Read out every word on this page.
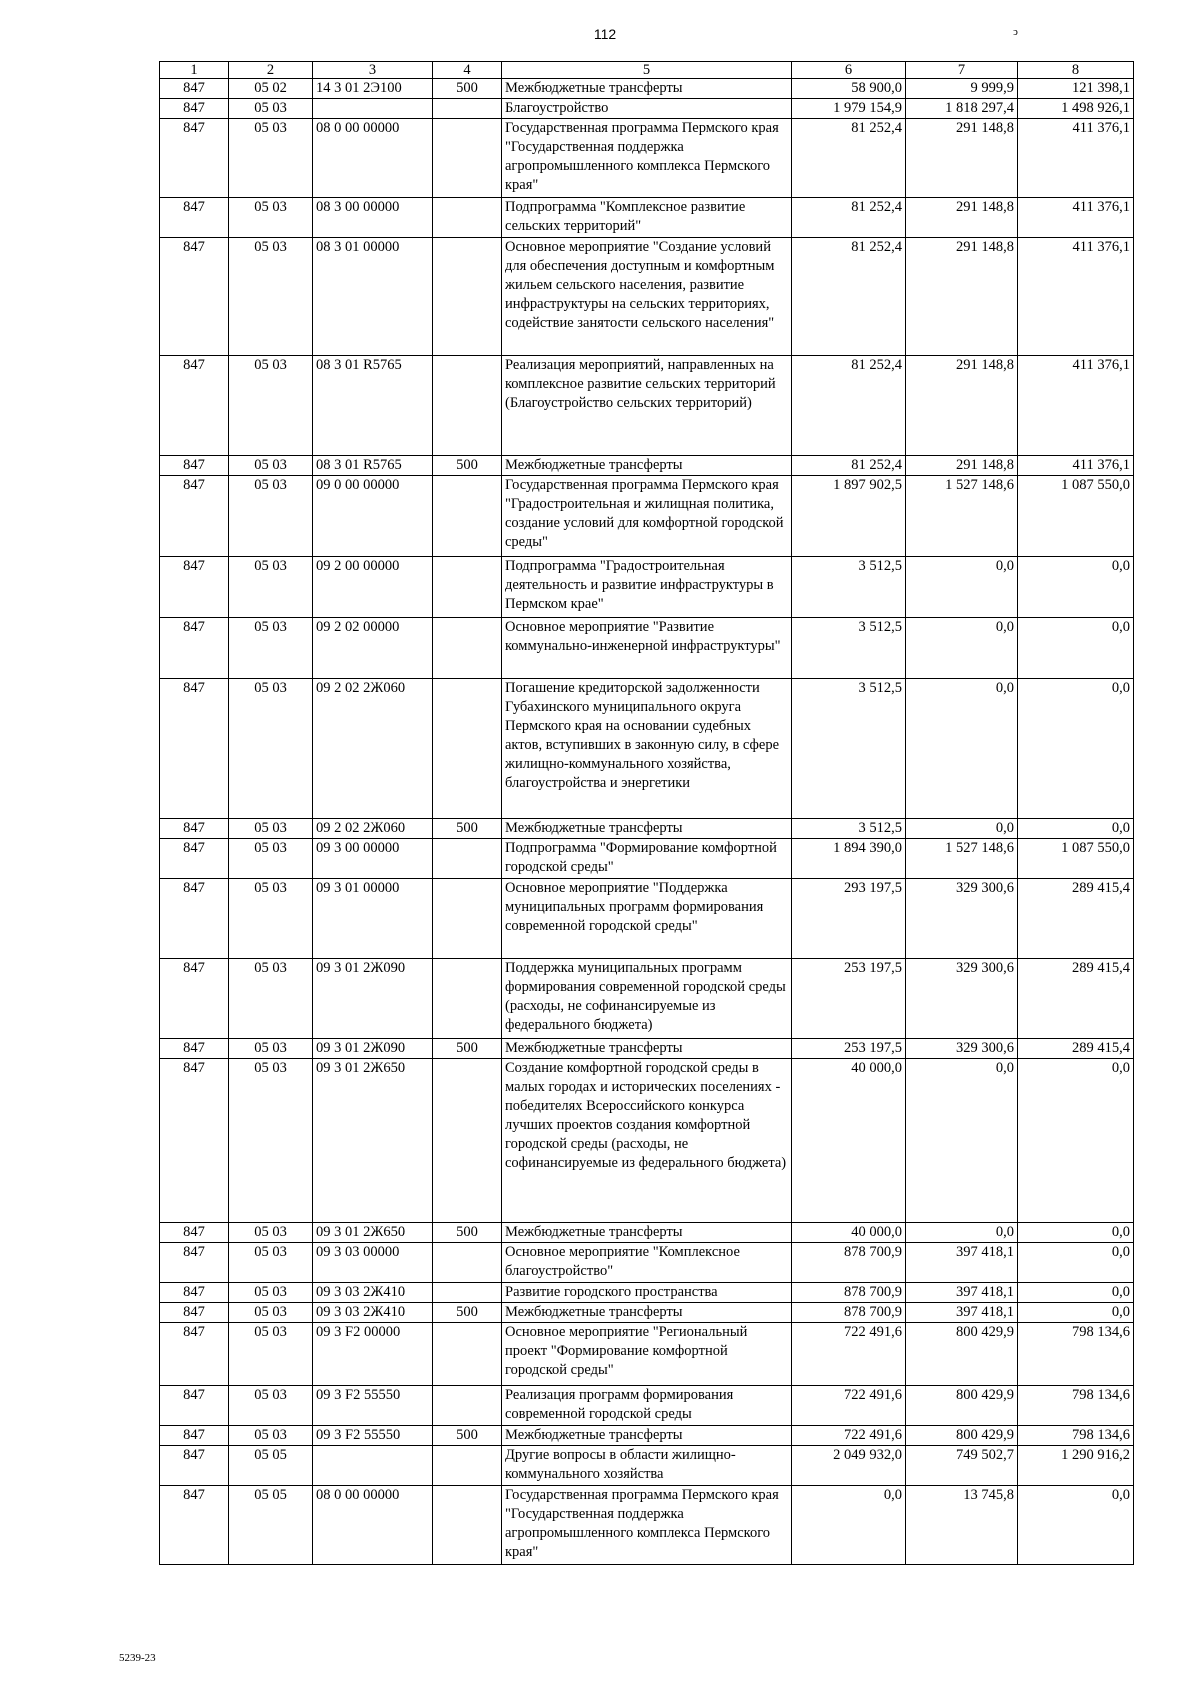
112	ↄ
1	2	3	4	5	6	7	8
847	05 02	14 3 01 2Э100	500	Межбюджетные трансферты	58 900,0	9 999,9	121 398,1
847	05 03			Благоустройство	1 979 154,9	1 818 297,4	1 498 926,1
847	05 03	08 0 00 00000		Государственная программа Пермского края "Государственная поддержка агропромышленного комплекса Пермского края"	81 252,4	291 148,8	411 376,1
847	05 03	08 3 00 00000		Подпрограмма "Комплексное развитие сельских территорий"	81 252,4	291 148,8	411 376,1
847	05 03	08 3 01 00000		Основное мероприятие "Создание условий для обеспечения доступным и комфортным жильем сельского населения, развитие инфраструктуры на сельских территориях, содействие занятости сельского населения"	81 252,4	291 148,8	411 376,1
847	05 03	08 3 01 R5765		Реализация мероприятий, направленных на комплексное развитие сельских территорий (Благоустройство сельских территорий)	81 252,4	291 148,8	411 376,1
847	05 03	08 3 01 R5765	500	Межбюджетные трансферты	81 252,4	291 148,8	411 376,1
847	05 03	09 0 00 00000		Государственная программа Пермского края "Градостроительная и жилищная политика, создание условий для комфортной городской среды"	1 897 902,5	1 527 148,6	1 087 550,0
847	05 03	09 2 00 00000		Подпрограмма "Градостроительная деятельность и развитие инфраструктуры в Пермском крае"	3 512,5	0,0	0,0
847	05 03	09 2 02 00000		Основное мероприятие "Развитие коммунально-инженерной инфраструктуры"	3 512,5	0,0	0,0
847	05 03	09 2 02 2Ж060		Погашение кредиторской задолженности Губахинского муниципального округа Пермского края на основании судебных актов, вступивших в законную силу, в сфере жилищно-коммунального хозяйства, благоустройства и энергетики	3 512,5	0,0	0,0
847	05 03	09 2 02 2Ж060	500	Межбюджетные трансферты	3 512,5	0,0	0,0
847	05 03	09 3 00 00000		Подпрограмма "Формирование комфортной городской среды"	1 894 390,0	1 527 148,6	1 087 550,0
847	05 03	09 3 01 00000		Основное мероприятие "Поддержка муниципальных программ формирования современной городской среды"	293 197,5	329 300,6	289 415,4
847	05 03	09 3 01 2Ж090		Поддержка муниципальных программ формирования современной городской среды (расходы, не софинансируемые из федерального бюджета)	253 197,5	329 300,6	289 415,4
847	05 03	09 3 01 2Ж090	500	Межбюджетные трансферты	253 197,5	329 300,6	289 415,4
847	05 03	09 3 01 2Ж650		Создание комфортной городской среды в малых городах и исторических поселениях - победителях Всероссийского конкурса лучших проектов создания комфортной городской среды (расходы, не софинансируемые из федерального бюджета)	40 000,0	0,0	0,0
847	05 03	09 3 01 2Ж650	500	Межбюджетные трансферты	40 000,0	0,0	0,0
847	05 03	09 3 03 00000		Основное мероприятие "Комплексное благоустройство"	878 700,9	397 418,1	0,0
847	05 03	09 3 03 2Ж410		Развитие городского пространства	878 700,9	397 418,1	0,0
847	05 03	09 3 03 2Ж410	500	Межбюджетные трансферты	878 700,9	397 418,1	0,0
847	05 03	09 3 F2 00000		Основное мероприятие "Региональный проект "Формирование комфортной городской среды"	722 491,6	800 429,9	798 134,6
847	05 03	09 3 F2 55550		Реализация программ формирования современной городской среды	722 491,6	800 429,9	798 134,6
847	05 03	09 3 F2 55550	500	Межбюджетные трансферты	722 491,6	800 429,9	798 134,6
847	05 05			Другие вопросы в области жилищно-коммунального хозяйства	2 049 932,0	749 502,7	1 290 916,2
847	05 05	08 0 00 00000		Государственная программа Пермского края "Государственная поддержка агропромышленного комплекса Пермского края"	0,0	13 745,8	0,0
5239-23
